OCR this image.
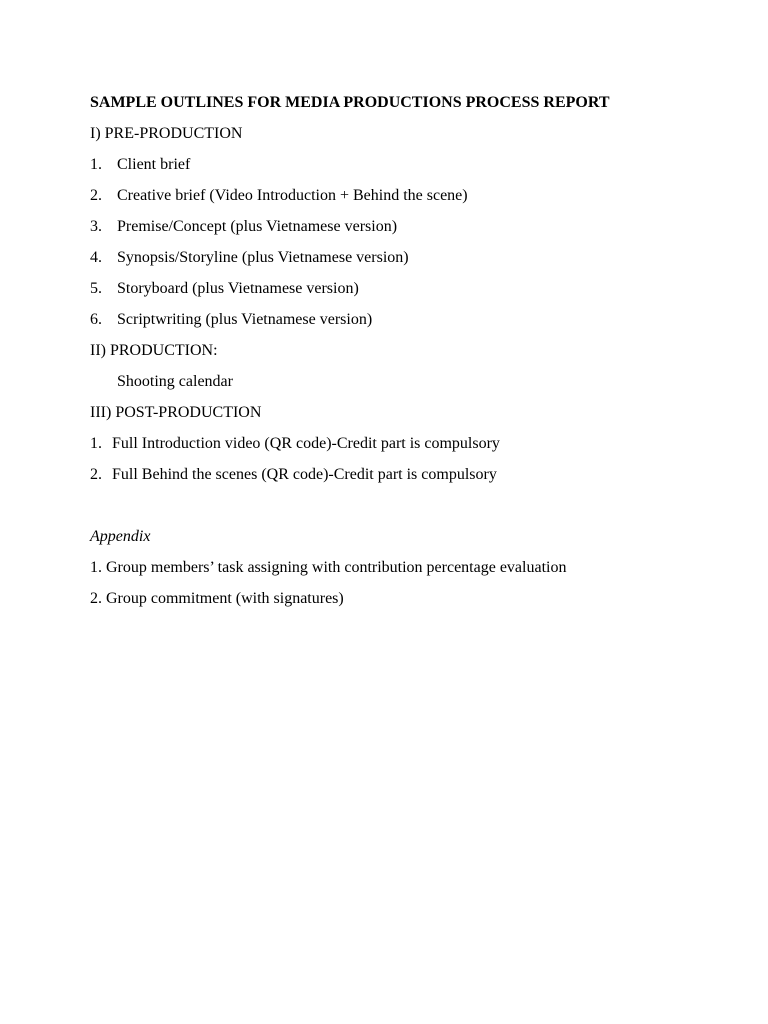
SAMPLE OUTLINES FOR MEDIA PRODUCTIONS PROCESS REPORT
I) PRE-PRODUCTION
1. Client brief
2. Creative brief (Video Introduction + Behind the scene)
3. Premise/Concept (plus Vietnamese version)
4. Synopsis/Storyline (plus Vietnamese version)
5. Storyboard (plus Vietnamese version)
6. Scriptwriting (plus Vietnamese version)
II) PRODUCTION:
Shooting calendar
III) POST-PRODUCTION
1. Full Introduction video (QR code)-Credit part is compulsory
2. Full Behind the scenes (QR code)-Credit part is compulsory
Appendix
1. Group members’ task assigning with contribution percentage evaluation
2. Group commitment (with signatures)
